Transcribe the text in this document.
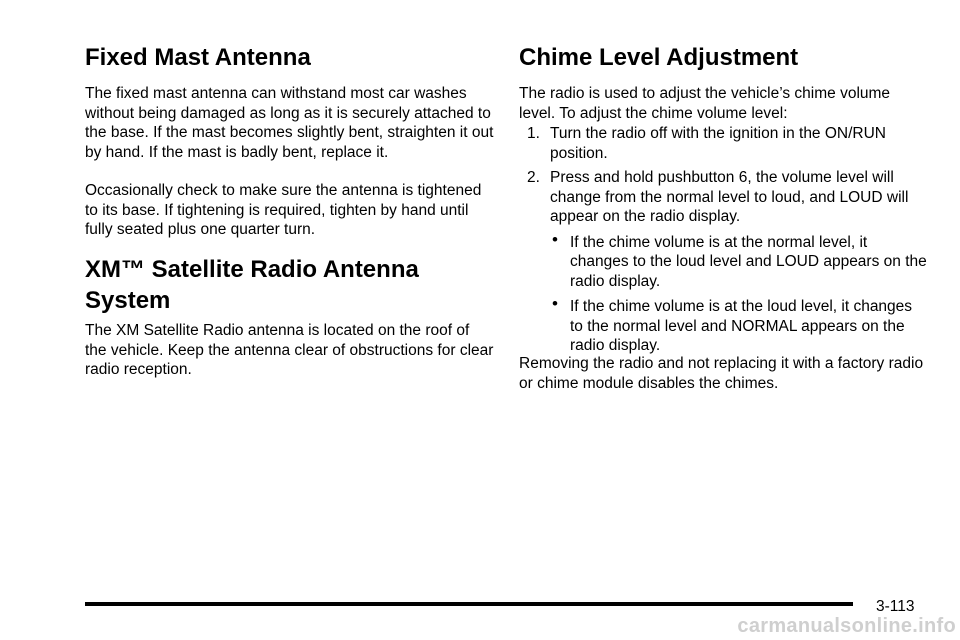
Fixed Mast Antenna

The fixed mast antenna can withstand most car washes without being damaged as long as it is securely attached to the base. If the mast becomes slightly bent, straighten it out by hand. If the mast is badly bent, replace it.

Occasionally check to make sure the antenna is tightened to its base. If tightening is required, tighten by hand until fully seated plus one quarter turn.

XM™ Satellite Radio Antenna System

The XM Satellite Radio antenna is located on the roof of the vehicle. Keep the antenna clear of obstructions for clear radio reception.

Chime Level Adjustment

The radio is used to adjust the vehicle’s chime volume level. To adjust the chime volume level:

1. Turn the radio off with the ignition in the ON/RUN position.
2. Press and hold pushbutton 6, the volume level will change from the normal level to loud, and LOUD will appear on the radio display.
• If the chime volume is at the normal level, it changes to the loud level and LOUD appears on the radio display.
• If the chime volume is at the loud level, it changes to the normal level and NORMAL appears on the radio display.

Removing the radio and not replacing it with a factory radio or chime module disables the chimes.

3-113
carmanualsonline.info
